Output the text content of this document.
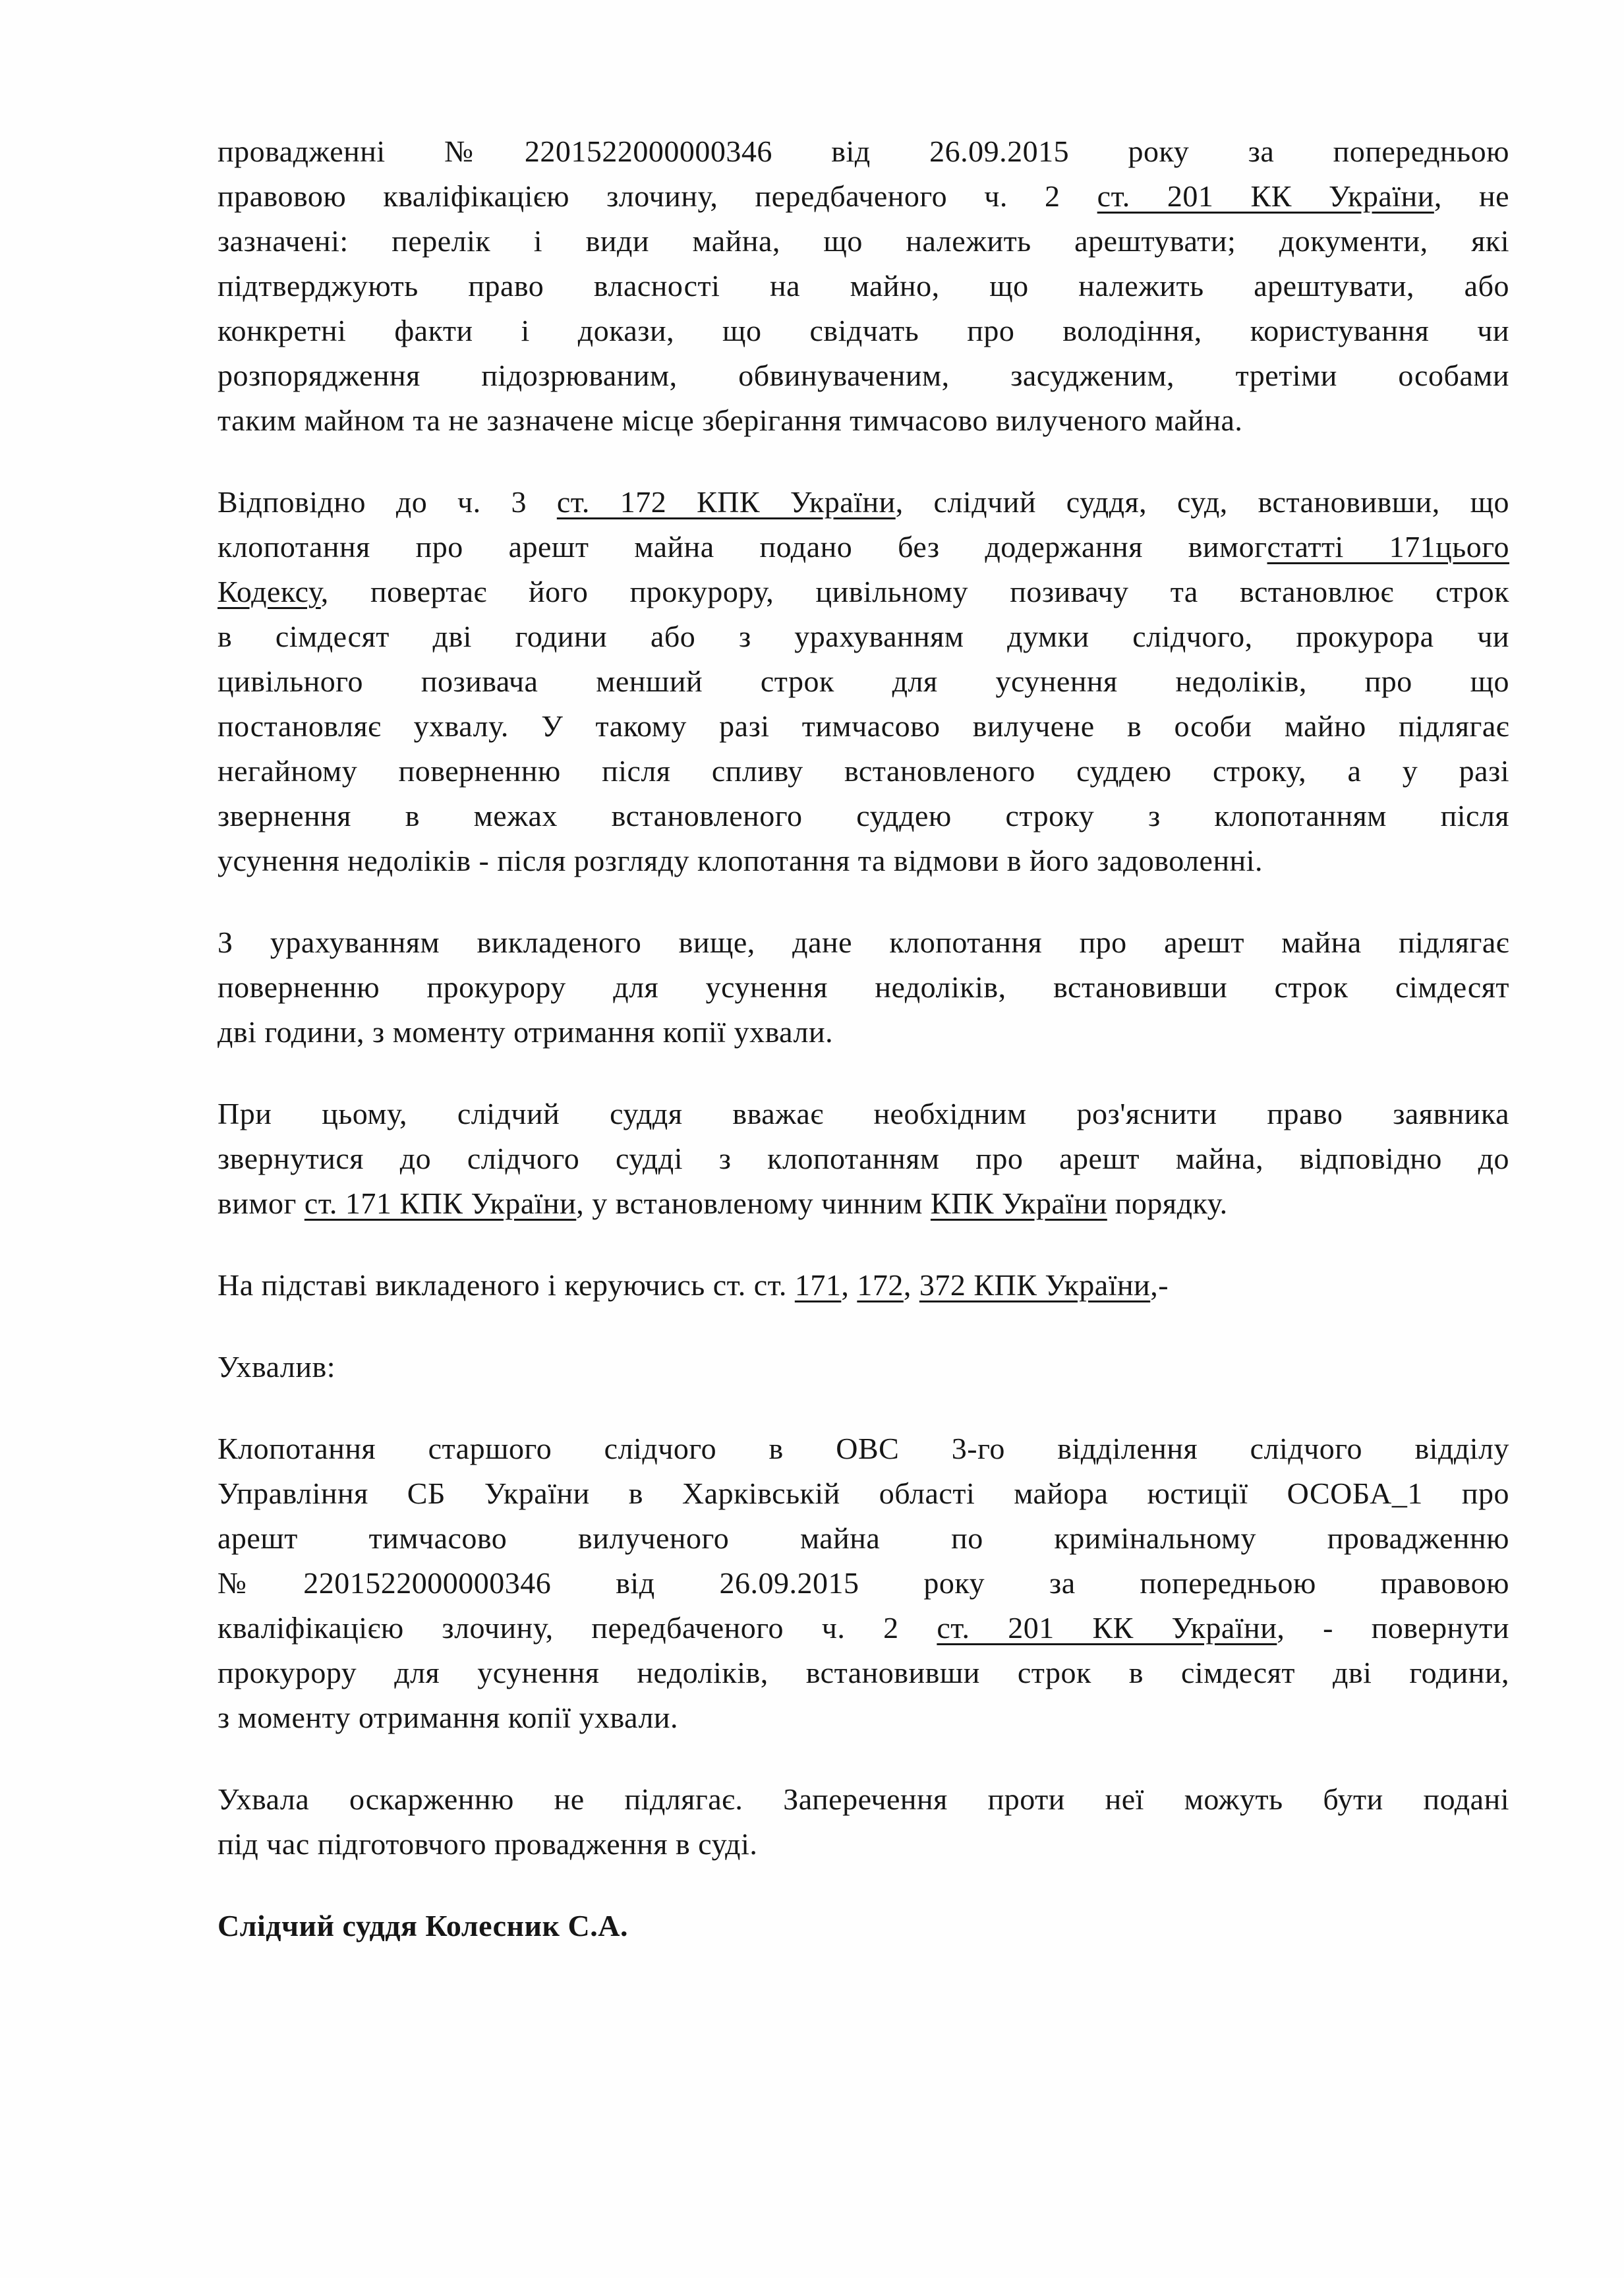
провадженні №2201522000000346 від 26.09.2015 року за попередньою
правовою кваліфікацією злочину, передбаченого ч. 2 ст. 201 КК України, не
зазначені: перелік і види майна, що належить арештувати; документи, які
підтверджують право власності на майно, що належить арештувати, або
конкретні факти і докази, що свідчать про володіння, користування чи
розпорядження підозрюваним, обвинуваченим, засудженим, третіми особами
таким майном та не зазначене місце зберігання тимчасово вилученого майна.
Відповідно до ч. 3 ст. 172 КПК України, слідчий суддя, суд, встановивши, що
клопотання про арешт майна подано без додержання вимогстатті 171цього
Кодексу, повертає його прокурору, цивільному позивачу та встановлює строк
в сімдесят дві години або з урахуванням думки слідчого, прокурора чи
цивільного позивача менший строк для усунення недоліків, про що
постановляє ухвалу. У такому разі тимчасово вилучене в особи майно підлягає
негайному поверненню після спливу встановленого суддею строку, а у разі
звернення в межах встановленого суддею строку з клопотанням після
усунення недоліків - після розгляду клопотання та відмови в його задоволенні.
З урахуванням викладеного вище, дане клопотання про арешт майна підлягає
поверненню прокурору для усунення недоліків, встановивши строк сімдесят
дві години, з моменту отримання копії ухвали.
При цьому, слідчий суддя вважає необхідним роз'яснити право заявника
звернутися до слідчого судді з клопотанням про арешт майна, відповідно до
вимог ст. 171 КПК України, у встановленому чинним КПК України порядку.
На підставі викладеного і керуючись ст. ст. 171, 172, 372 КПК України,-
Ухвалив:
Клопотання старшого слідчого в ОВС 3-го відділення слідчого відділу
Управління СБ України в Харківській області майора юстиції ОСОБА_1 про
арешт тимчасово вилученого майна по кримінальному провадженню
№2201522000000346 від 26.09.2015 року за попередньою правовою
кваліфікацією злочину, передбаченого ч. 2 ст. 201 КК України, - повернути
прокурору для усунення недоліків, встановивши строк в сімдесят дві години,
з моменту отримання копії ухвали.
Ухвала оскарженню не підлягає. Заперечення проти неї можуть бути подані
під час підготовчого провадження в суді.
Слідчий суддя Колесник С.А.
